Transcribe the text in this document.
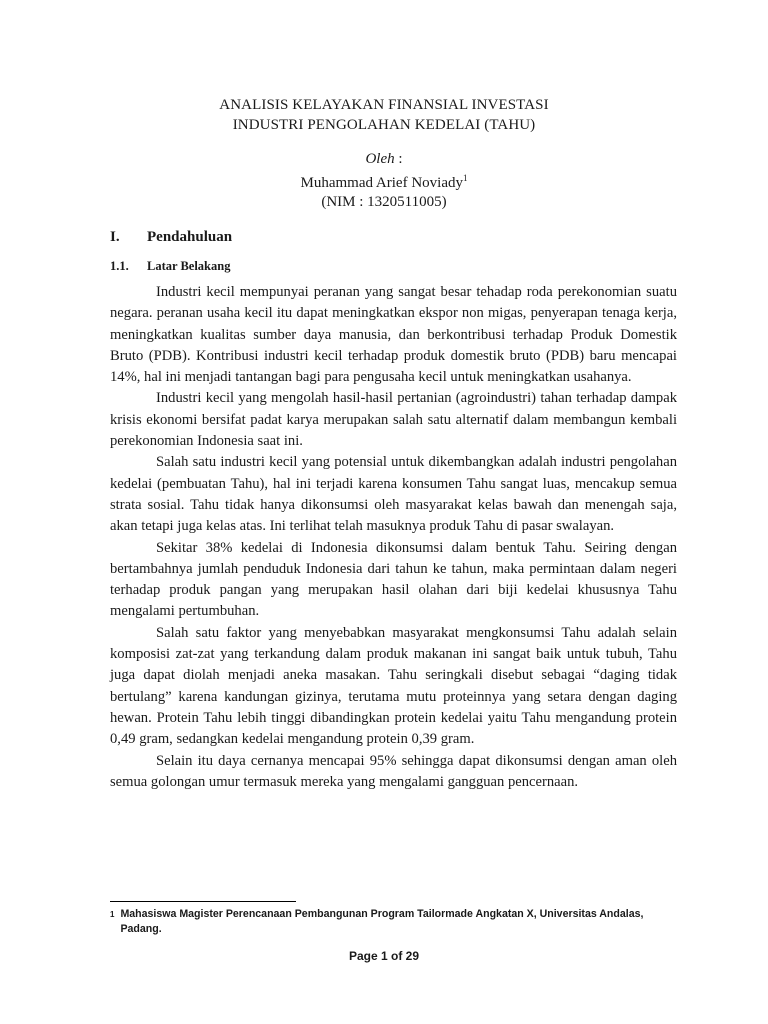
ANALISIS KELAYAKAN FINANSIAL INVESTASI
INDUSTRI PENGOLAHAN KEDELAI (TAHU)
Oleh :
Muhammad Arief Noviady$^1$
(NIM : 1320511005)
I. Pendahuluan
1.1. Latar Belakang

Industri kecil mempunyai peranan yang sangat besar tehadap roda perekonomian suatu negara. peranan usaha kecil itu dapat meningkatkan ekspor non migas, penyerapan tenaga kerja, meningkatkan kualitas sumber daya manusia, dan berkontribusi terhadap Produk Domestik Bruto (PDB). Kontribusi industri kecil terhadap produk domestik bruto (PDB) baru mencapai 14%, hal ini menjadi tantangan bagi para pengusaha kecil untuk meningkatkan usahanya.

Industri kecil yang mengolah hasil-hasil pertanian (agroindustri) tahan terhadap dampak krisis ekonomi bersifat padat karya merupakan salah satu alternatif dalam membangun kembali perekonomian Indonesia saat ini.

Salah satu industri kecil yang potensial untuk dikembangkan adalah industri pengolahan kedelai (pembuatan Tahu), hal ini terjadi karena konsumen Tahu sangat luas, mencakup semua strata sosial. Tahu tidak hanya dikonsumsi oleh masyarakat kelas bawah dan menengah saja, akan tetapi juga kelas atas. Ini terlihat telah masuknya produk Tahu di pasar swalayan.

Sekitar 38% kedelai di Indonesia dikonsumsi dalam bentuk Tahu. Seiring dengan bertambahnya jumlah penduduk Indonesia dari tahun ke tahun, maka permintaan dalam negeri terhadap produk pangan yang merupakan hasil olahan dari biji kedelai khususnya Tahu mengalami pertumbuhan.

Salah satu faktor yang menyebabkan masyarakat mengkonsumsi Tahu adalah selain komposisi zat-zat yang terkandung dalam produk makanan ini sangat baik untuk tubuh, Tahu juga dapat diolah menjadi aneka masakan. Tahu seringkali disebut sebagai “daging tidak bertulang” karena kandungan gizinya, terutama mutu proteinnya yang setara dengan daging hewan. Protein Tahu lebih tinggi dibandingkan protein kedelai yaitu Tahu mengandung protein 0,49 gram, sedangkan kedelai mengandung protein 0,39 gram.

Selain itu daya cernanya mencapai 95% sehingga dapat dikonsumsi dengan aman oleh semua golongan umur termasuk mereka yang mengalami gangguan pencernaan.

$^1$ Mahasiswa Magister Perencanaan Pembangunan Program Tailormade Angkatan X, Universitas Andalas, Padang.
Page 1 of 29
